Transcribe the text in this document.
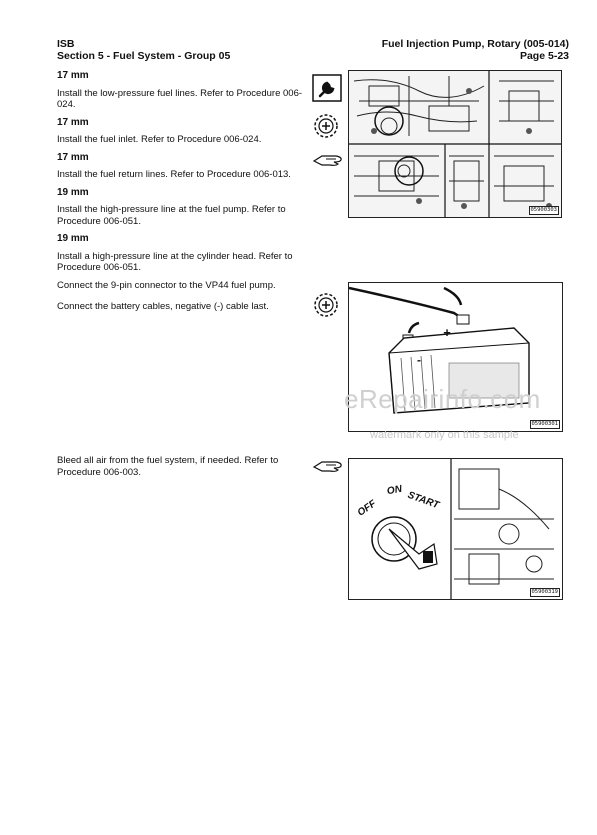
ISB
Section 5 - Fuel System - Group 05
Fuel Injection Pump, Rotary (005-014)
Page 5-23
17 mm
Install the low-pressure fuel lines. Refer to Procedure 006-024.
17 mm
Install the fuel inlet. Refer to Procedure 006-024.
17 mm
Install the fuel return lines. Refer to Procedure 006-013.
19 mm
Install the high-pressure line at the fuel pump. Refer to Procedure 006-051.
19 mm
Install a high-pressure line at the cylinder head. Refer to Procedure 006-051.
Connect the 9-pin connector to the VP44 fuel pump.
Connect the battery cables, negative (-) cable last.
Bleed all air from the fuel system, if needed. Refer to Procedure 006-003.
05900303
+
-
05900301
OFF
ON START
05900319
eRepairinfo.com
watermark only on this sample
